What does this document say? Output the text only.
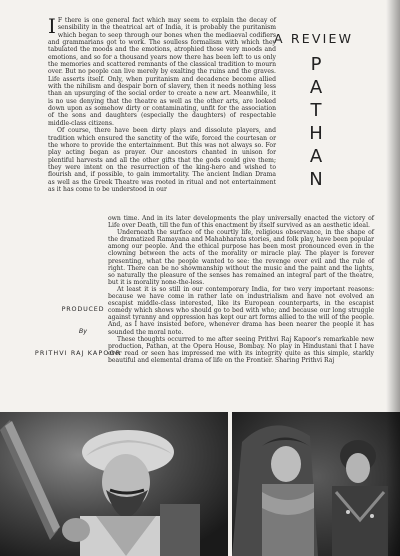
I F there is one general fact which may seem to explain the decay of sensibility in the theatrical art of India, it is probably the puritanism which began to seep through our bones when the mediaeval codifiers and grammarians got to work. The soulless formalism with which they tabulated the moods and the emotions, atrophied those very moods and emotions, and so for a thousand years now there has been left to us only the memories and scattered remnants of the classical tradition to mourn over. But no people can live merely by exalting the ruins and the graves. Life asserts itself. Only, when puritanism and decadence become allied with the nihilism and despair born of slavery, then it needs nothing less than an upsurging of the social order to create a new art. Meanwhile, it is no use denying that the theatre as well as the other arts, are looked down upon as somehow dirty or contaminating, unfit for the association of the sons and daughters (especially the daughters) of respectable middle-class citizens.

Of course, there have been dirty plays and dissolute players, and tradition which ensured the sanctity of the wife, forced the courtesan or the whore to provide the entertainment. But this was not always so. For play acting began as prayer. Our ancestors chanted in unison for plentiful harvests and all the other gifts that the gods could give them; they were intent on the resurrection of the king-hero and wished to flourish and, if possible, to gain immortality. The ancient Indian Drama as well as the Greek Theatre was rooted in ritual and not entertainment as it has come to be understood in our

A REVIEW
P
A
T
H
A
N

own time. And in its later developments the play universally enacted the victory of Life over Death, till the fun of this enactment by itself survived as an aesthetic ideal.

Underneath the surface of the courtly life, religious observance, in the shape of the dramatized Ramayana and Mahabharata stories, and folk play, have been popular among our people. And the ethical purpose has been most pronounced even in the clowning between the acts of the morality or miracle play. The player is forever presenting, what the people wanted to see: the revenge over evil and the rule of right. There can be no showmanship without the music and the paint and the lights, so naturally the pleasure of the senses has remained an integral part of the theatre, but it is morality none-the-less.

At least it is so still in our contemporary India, for two very important reasons: because we have come in rather late on industrialism and have not evolved an escapist middle-class interested, like its European counterparts, in the escapist comedy which shows who should go to bed with who; and because our long struggle against tyranny and oppression has kept our art forms allied to the will of the people. And, as I have insisted before, whenever drama has been nearer the people it has sounded the moral note.

These thoughts occurred to me after seeing Prithvi Raj Kapoor's remarkable new production, Pathan, at the Opera House, Bombay. No play in Hindustani that I have ever read or seen has impressed me with its integrity quite as this simple, starkly beautiful and elemental drama of life on the Frontier. Sharing Prithvi Raj

PRODUCED
By
PRITHVI RAJ KAPOOR
